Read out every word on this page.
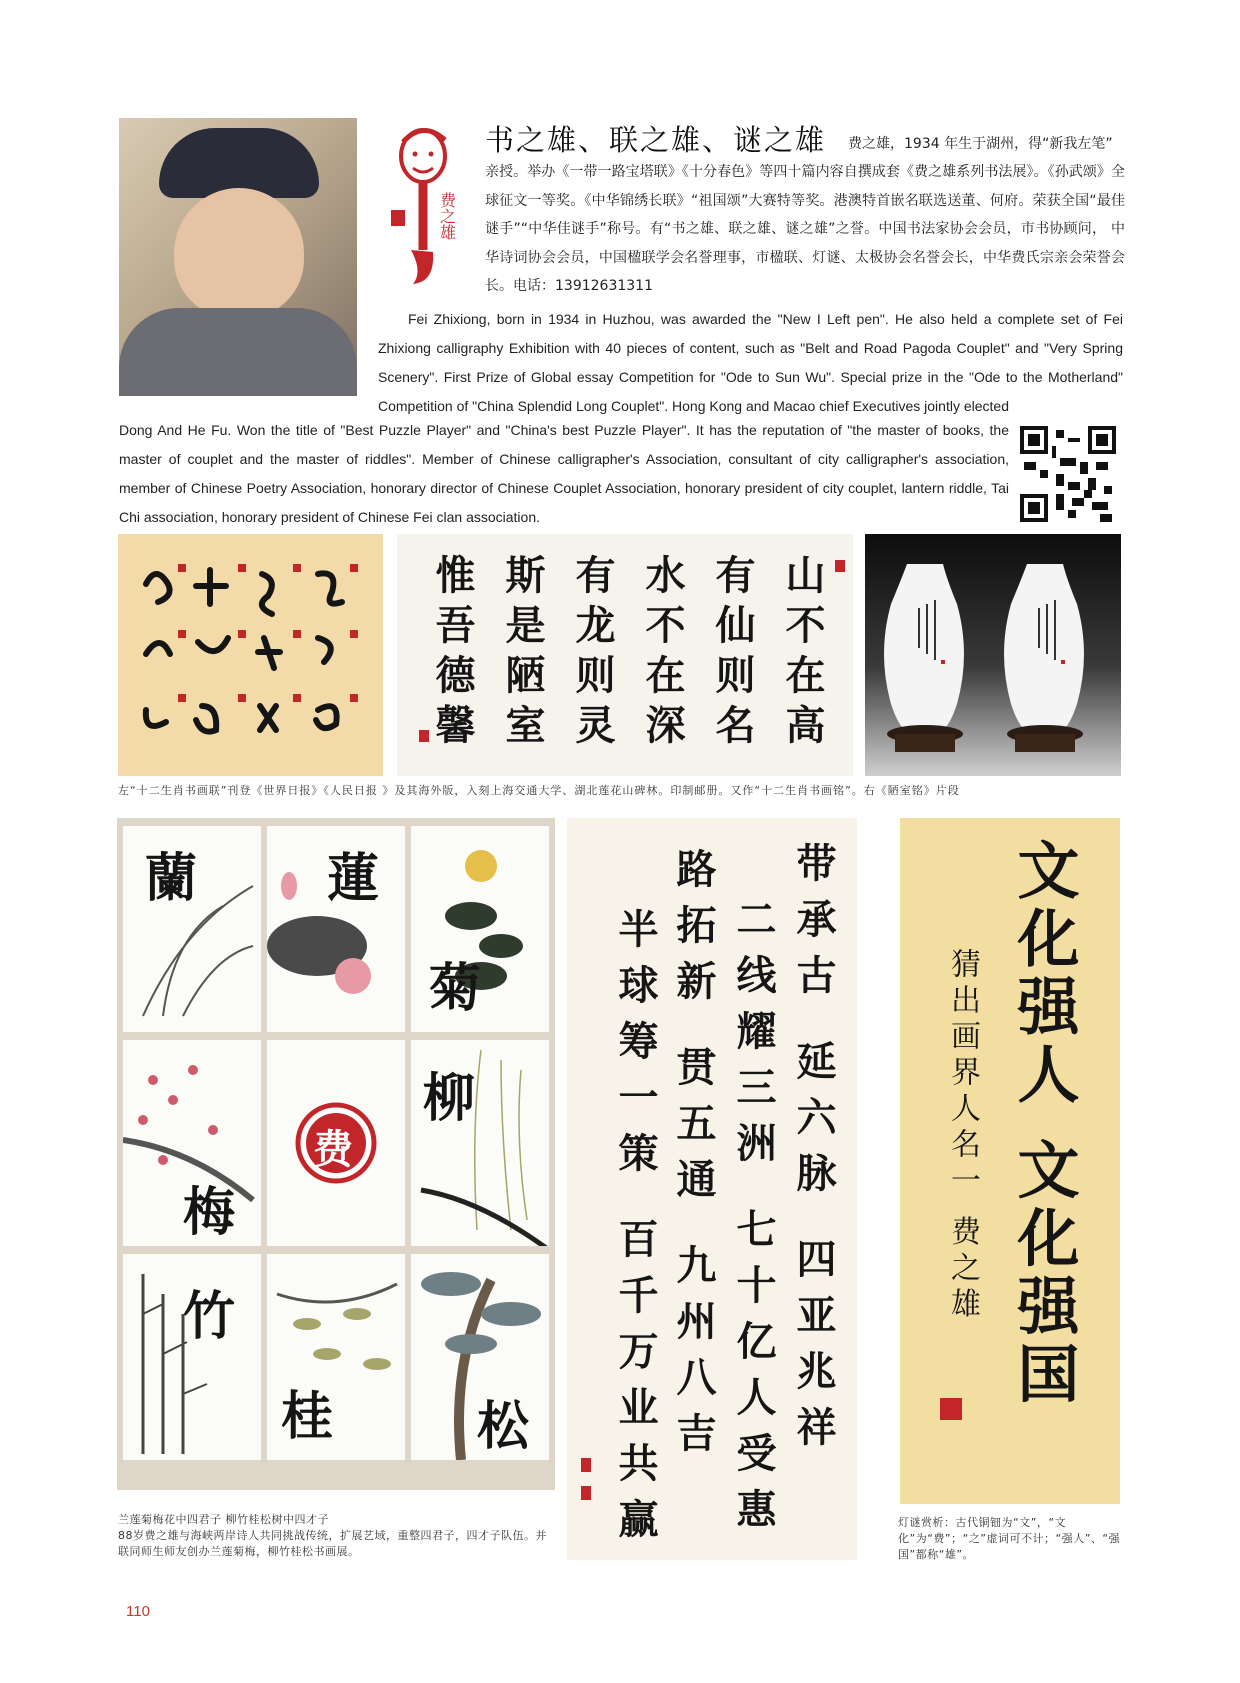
费之雄
书之雄、联之雄、谜之雄 费之雄，1934 年生于湖州，得“新我左笔”
亲授。举办《一带一路宝塔联》《十分春色》等四十篇内容自撰成套《费之雄系列书法展》。《孙武颂》全球征文一等奖。《中华锦绣长联》“祖国颂”大赛特等奖。港澳特首嵌名联选送董、何府。荣获全国“最佳谜手”“中华佳谜手”称号。有“书之雄、联之雄、谜之雄”之誉。中国书法家协会会员，市书协顾问， 中华诗词协会会员，中国楹联学会名誉理事，市楹联、灯谜、太极协会名誉会长，中华费氏宗亲会荣誉会长。电话：13912631311
Fei Zhixiong, born in 1934 in Huzhou, was awarded the "New I Left pen". He also held a complete set of Fei Zhixiong calligraphy Exhibition with 40 pieces of content, such as "Belt and Road Pagoda Couplet" and "Very Spring Scenery". First Prize of Global essay Competition for "Ode to Sun Wu". Special prize in the "Ode to the Motherland" Competition of "China Splendid Long Couplet". Hong Kong and Macao chief Executives jointly elected
Dong And He Fu. Won the title of "Best Puzzle Player" and "China's best Puzzle Player". It has the reputation of "the master of books, the master of couplet and the master of riddles". Member of Chinese calligrapher's Association, consultant of city calligrapher's association, member of Chinese Poetry Association, honorary director of Chinese Couplet Association, honorary president of city couplet, lantern riddle, Tai Chi association, honorary president of Chinese Fei clan association.
山不在高
有仙则名
水不在深
有龙则灵
斯是陋室
惟吾德馨
左“十二生肖书画联”刊登《世界日报》《人民日报 》及其海外版，入刻上海交通大学、湖北莲花山碑林。印制邮册。又作“十二生肖书画铭”。右《陋室铭》片段
蘭 蓮
菊
梅
费
柳
竹
桂	松	带承古 延六脉 四亚兆祥
二线耀三洲 七十亿人受惠
路拓新 贯五通 九州八吉
半球筹一策 百千万业共赢	文化强人 文化强国
猜出画界人名一 费之雄
兰莲菊梅花中四君子 柳竹桂松树中四才子
88岁费之雄与海峡两岸诗人共同挑战传统，扩展艺域，重整四君子，四才子队伍。并联同师生师友创办兰莲菊梅，柳竹桂松书画展。
灯谜赏析：古代铜钿为“文”，“文化”为“费”；“之”虚词可不计；“强人”、“强国”都称“雄”。
110
